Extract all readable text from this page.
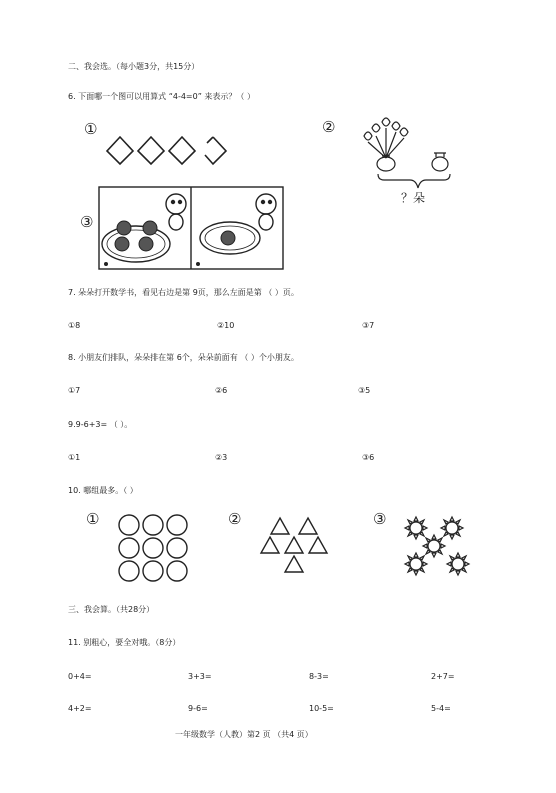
二、我会选。（每小题3分，共15分）
6. 下面哪一个图可以用算式 “4-4=0” 来表示？（ ）
①	②
？朵
③
7. 朵朵打开数学书，看见右边是第 9页，那么左面是第 （ ）页。
①8	②10	③7
8. 小朋友们排队，朵朵排在第 6个，朵朵前面有 （ ）个小朋友。
①7	②6	③5
9.9-6+3= （ ）。
①1	②3	③6
10. 哪组最多。（ ）
①	②	③
三、我会算。（共28分）
11. 别粗心，要全对哦。（8分）
0+4=	3+3=	8-3=	2+7=
4+2=	9-6=	10-5=	5-4=
一年级数学（人教）第2 页 （共4 页）
